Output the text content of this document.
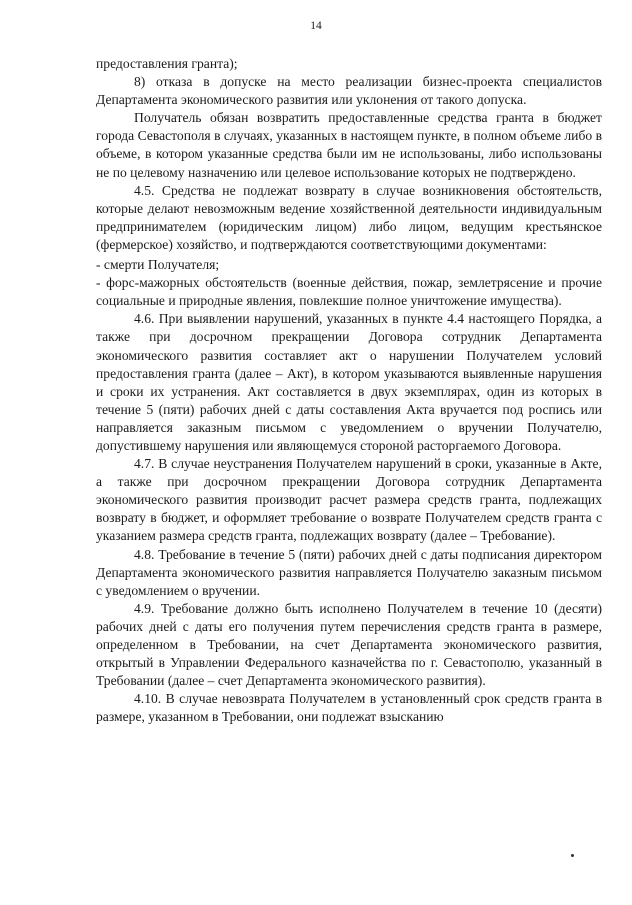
14

предоставления гранта);

8) отказа в допуске на место реализации бизнес-проекта специалистов Департамента экономического развития или уклонения от такого допуска.

Получатель обязан возвратить предоставленные средства гранта в бюджет города Севастополя в случаях, указанных в настоящем пункте, в полном объеме либо в объеме, в котором указанные средства были им не использованы, либо использованы не по целевому назначению или целевое использование которых не подтверждено.

4.5. Средства не подлежат возврату в случае возникновения обстоятельств, которые делают невозможным ведение хозяйственной деятельности индивидуальным предпринимателем (юридическим лицом) либо лицом, ведущим крестьянское (фермерское) хозяйство, и подтверждаются соответствующими документами:

- смерти Получателя;

- форс-мажорных обстоятельств (военные действия, пожар, землетрясение и прочие социальные и природные явления, повлекшие полное уничтожение имущества).

4.6. При выявлении нарушений, указанных в пункте 4.4 настоящего Порядка, а также при досрочном прекращении Договора сотрудник Департамента экономического развития составляет акт о нарушении Получателем условий предоставления гранта (далее – Акт), в котором указываются выявленные нарушения и сроки их устранения. Акт составляется в двух экземплярах, один из которых в течение 5 (пяти) рабочих дней с даты составления Акта вручается под роспись или направляется заказным письмом с уведомлением о вручении Получателю, допустившему нарушения или являющемуся стороной расторгаемого Договора.

4.7. В случае неустранения Получателем нарушений в сроки, указанные в Акте, а также при досрочном прекращении Договора сотрудник Департамента экономического развития производит расчет размера средств гранта, подлежащих возврату в бюджет, и оформляет требование о возврате Получателем средств гранта с указанием размера средств гранта, подлежащих возврату (далее – Требование).

4.8. Требование в течение 5 (пяти) рабочих дней с даты подписания директором Департамента экономического развития направляется Получателю заказным письмом с уведомлением о вручении.

4.9. Требование должно быть исполнено Получателем в течение 10 (десяти) рабочих дней с даты его получения путем перечисления средств гранта в размере, определенном в Требовании, на счет Департамента экономического развития, открытый в Управлении Федерального казначейства по г. Севастополю, указанный в Требовании (далее – счет Департамента экономического развития).

4.10. В случае невозврата Получателем в установленный срок средств гранта в размере, указанном в Требовании, они подлежат взысканию
